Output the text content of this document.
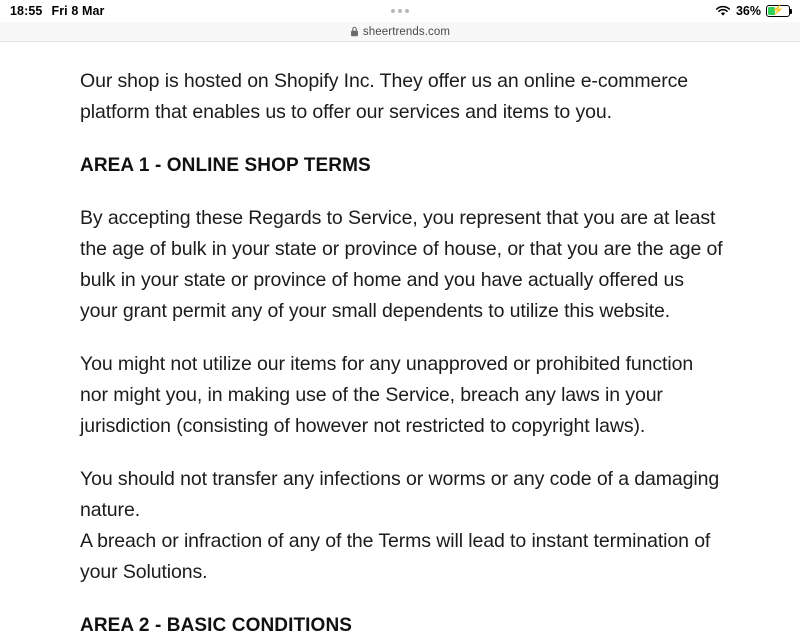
18:55 Fri 8 Mar	36% ⚡
sheertrends.com

Our shop is hosted on Shopify Inc. They offer us an online e-commerce platform that enables us to offer our services and items to you.

AREA 1 - ONLINE SHOP TERMS

By accepting these Regards to Service, you represent that you are at least the age of bulk in your state or province of house, or that you are the age of bulk in your state or province of home and you have actually offered us your grant permit any of your small dependents to utilize this website.

You might not utilize our items for any unapproved or prohibited function nor might you, in making use of the Service, breach any laws in your jurisdiction (consisting of however not restricted to copyright laws).

You should not transfer any infections or worms or any code of a damaging nature.

A breach or infraction of any of the Terms will lead to instant termination of your Solutions.

AREA 2 - BASIC CONDITIONS
